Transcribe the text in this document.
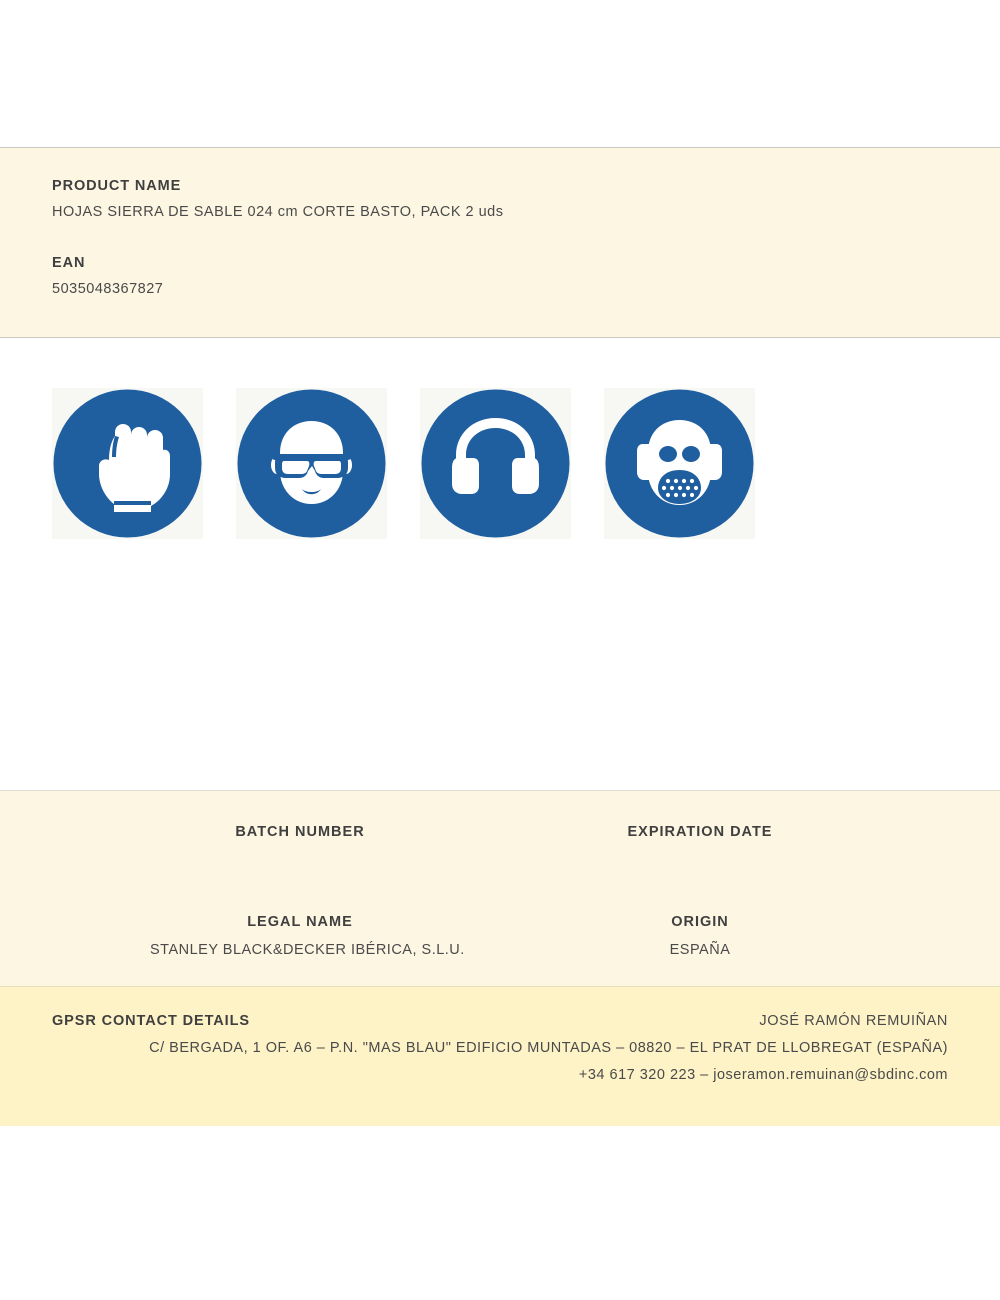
PRODUCT NAME
HOJAS SIERRA DE SABLE 024 cm CORTE BASTO, PACK 2 uds
EAN
5035048367827
BATCH NUMBER	EXPIRATION DATE
LEGAL NAME
STANLEY BLACK&DECKER IBÉRICA, S.L.U.
ORIGIN
ESPAÑA
GPSR CONTACT DETAILS	JOSÉ RAMÓN REMUIÑAN
C/ BERGADA, 1 OF. A6 – P.N. "MAS BLAU" EDIFICIO MUNTADAS – 08820 – EL PRAT DE LLOBREGAT (ESPAÑA)
+34 617 320 223 – joseramon.remuinan@sbdinc.com
